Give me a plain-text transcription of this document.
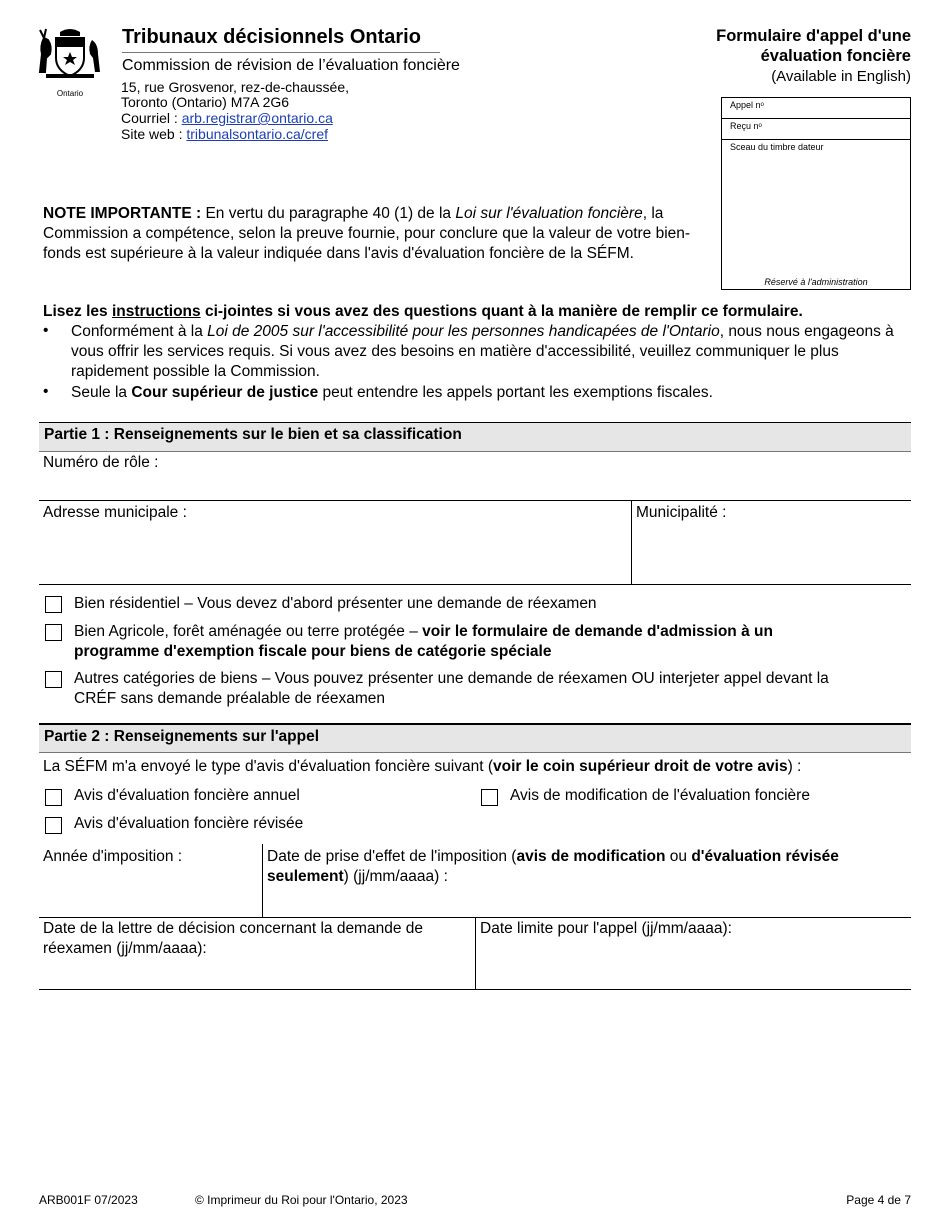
Ontario
Tribunaux décisionnels Ontario
Commission de révision de l’évaluation foncière
15, rue Grosvenor, rez-de-chaussée,
Toronto (Ontario) M7A 2G6
Courriel : arb.registrar@ontario.ca
Site web : tribunalsontario.ca/cref
Formulaire d'appel d'une
évaluation foncière
(Available in English)
Appel nᵒ
Reçu nᵒ
Sceau du timbre dateur
Réservé à l'administration
NOTE IMPORTANTE : En vertu du paragraphe 40 (1) de la Loi sur l'évaluation foncière, la Commission a compétence, selon la preuve fournie, pour conclure que la valeur de votre bien-fonds est supérieure à la valeur indiquée dans l'avis d'évaluation foncière de la SÉFM.
Lisez les instructions ci-jointes si vous avez des questions quant à la manière de remplir ce formulaire.
• Conformément à la Loi de 2005 sur l'accessibilité pour les personnes handicapées de l'Ontario, nous nous engageons à vous offrir les services requis. Si vous avez des besoins en matière d'accessibilité, veuillez communiquer le plus rapidement possible la Commission.
• Seule la Cour supérieur de justice peut entendre les appels portant les exemptions fiscales.
Partie 1 : Renseignements sur le bien et sa classification
Numéro de rôle :
Adresse municipale :	Municipalité :
Bien résidentiel – Vous devez d'abord présenter une demande de réexamen
Bien Agricole, forêt aménagée ou terre protégée – voir le formulaire de demande d'admission à un
programme d'exemption fiscale pour biens de catégorie spéciale
Autres catégories de biens – Vous pouvez présenter une demande de réexamen OU interjeter appel devant la
CRÉF sans demande préalable de réexamen
Partie 2 : Renseignements sur l'appel
La SÉFM m'a envoyé le type d'avis d'évaluation foncière suivant (voir le coin supérieur droit de votre avis) :
Avis d'évaluation foncière annuel	Avis de modification de l'évaluation foncière
Avis d'évaluation foncière révisée
Année d'imposition :	Date de prise d'effet de l'imposition (avis de modification ou d'évaluation révisée
seulement) (jj/mm/aaaa) :
Date de la lettre de décision concernant la demande de
réexamen (jj/mm/aaaa):
Date limite pour l'appel (jj/mm/aaaa):
ARB001F 07/2023	© Imprimeur du Roi pour l'Ontario, 2023	Page 4 de 7
